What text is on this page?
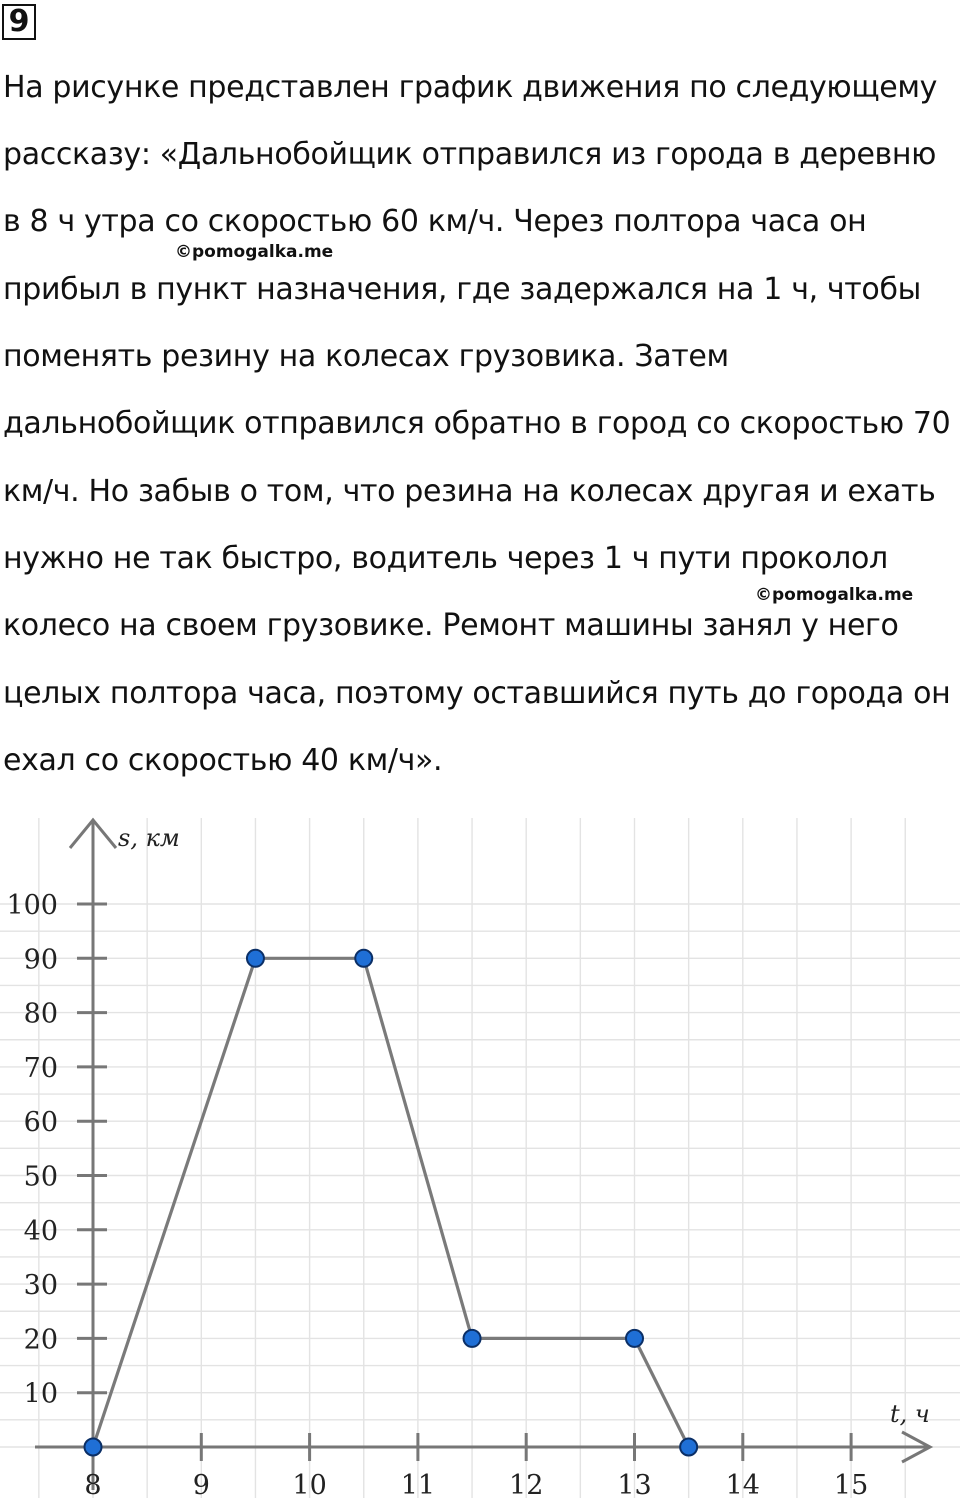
9
На рисунке представлен график движения по следующему
рассказу: «Дальнобойщик отправился из города в деревню
в 8 ч утра со скоростью 60 км/ч. Через полтора часа он
прибыл в пункт назначения, где задержался на 1 ч, чтобы
поменять резину на колесах грузовика. Затем
дальнобойщик отправился обратно в город со скоростью 70
км/ч. Но забыв о том, что резина на колесах другая и ехать
нужно не так быстро, водитель через 1 ч пути проколол
колесо на своем грузовике. Ремонт машины занял у него
целых полтора часа, поэтому оставшийся путь до города он
ехал со скоростью 40 км/ч».
©pomogalka.me
©pomogalka.me
8	9	10	11	12	13	14	15
10
20
30
40
50
60
70
80
90
100
s, км
t, ч
